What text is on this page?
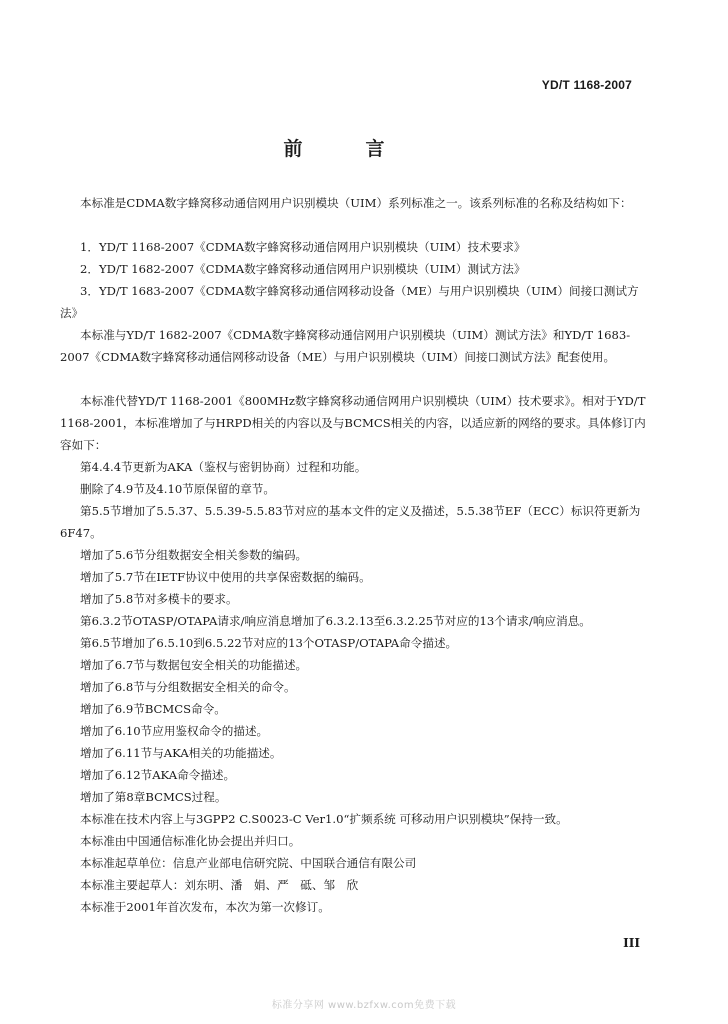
YD/T 1168-2007
前　言

本标准是CDMA数字蜂窝移动通信网用户识别模块（UIM）系列标准之一。该系列标准的名称及结构如下：

1．YD/T 1168-2007《CDMA数字蜂窝移动通信网用户识别模块（UIM）技术要求》

2．YD/T 1682-2007《CDMA数字蜂窝移动通信网用户识别模块（UIM）测试方法》

3．YD/T 1683-2007《CDMA数字蜂窝移动通信网移动设备（ME）与用户识别模块（UIM）间接口测试方法》

本标准与YD/T 1682-2007《CDMA数字蜂窝移动通信网用户识别模块（UIM）测试方法》和YD/T 1683-2007《CDMA数字蜂窝移动通信网移动设备（ME）与用户识别模块（UIM）间接口测试方法》配套使用。

本标准代替YD/T 1168-2001《800MHz数字蜂窝移动通信网用户识别模块（UIM）技术要求》。相对于YD/T 1168-2001，本标准增加了与HRPD相关的内容以及与BCMCS相关的内容，以适应新的网络的要求。具体修订内容如下：

第4.4.4节更新为AKA（鉴权与密钥协商）过程和功能。

删除了4.9节及4.10节原保留的章节。

第5.5节增加了5.5.37、5.5.39-5.5.83节对应的基本文件的定义及描述，5.5.38节EF（ECC）标识符更新为6F47。

增加了5.6节分组数据安全相关参数的编码。

增加了5.7节在IETF协议中使用的共享保密数据的编码。

增加了5.8节对多模卡的要求。

第6.3.2节OTASP/OTAPA请求/响应消息增加了6.3.2.13至6.3.2.25节对应的13个请求/响应消息。

第6.5节增加了6.5.10到6.5.22节对应的13个OTASP/OTAPA命令描述。

增加了6.7节与数据包安全相关的功能描述。

增加了6.8节与分组数据安全相关的命令。

增加了6.9节BCMCS命令。

增加了6.10节应用鉴权命令的描述。

增加了6.11节与AKA相关的功能描述。

增加了6.12节AKA命令描述。

增加了第8章BCMCS过程。

本标准在技术内容上与3GPP2 C.S0023-C Ver1.0“扩频系统 可移动用户识别模块”保持一致。

本标准由中国通信标准化协会提出并归口。

本标准起草单位：信息产业部电信研究院、中国联合通信有限公司

本标准主要起草人：刘东明、潘　娟、严　砥、邹　欣

本标准于2001年首次发布，本次为第一次修订。

III
标准分享网 www.bzfxw.com免费下载
